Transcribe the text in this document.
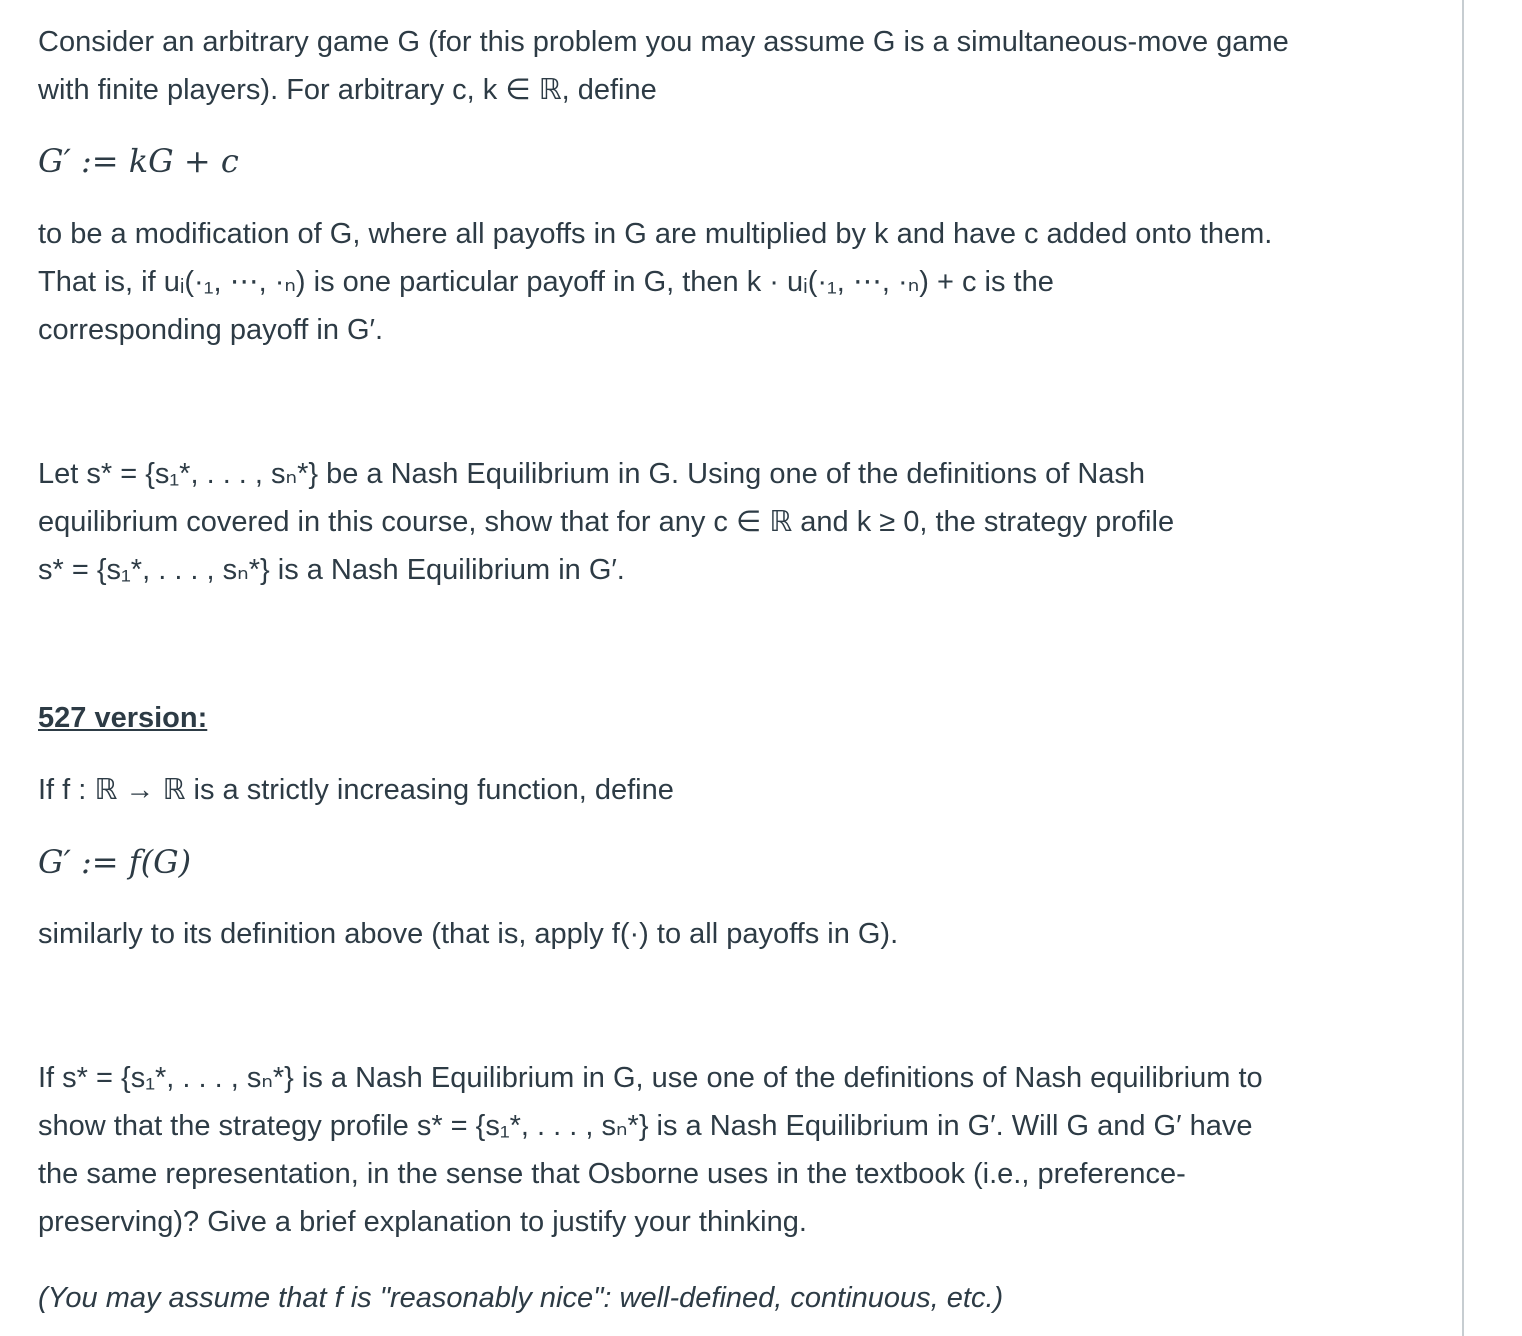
Consider an arbitrary game G (for this problem you may assume G is a simultaneous-move game
with finite players). For arbitrary c, k ∈ ℝ, define

G′ := kG + c

to be a modification of G, where all payoffs in G are multiplied by k and have c added onto them.
That is, if uᵢ(·₁, ⋯, ·ₙ) is one particular payoff in G, then k · uᵢ(·₁, ⋯, ·ₙ) + c is the
corresponding payoff in G′.

Let s* = {s₁*, . . . , sₙ*} be a Nash Equilibrium in G. Using one of the definitions of Nash
equilibrium covered in this course, show that for any c ∈ ℝ and k ≥ 0, the strategy profile
s* = {s₁*, . . . , sₙ*} is a Nash Equilibrium in G′.

527 version:

If f : ℝ → ℝ is a strictly increasing function, define

G′ := f(G)

similarly to its definition above (that is, apply f(·) to all payoffs in G).

If s* = {s₁*, . . . , sₙ*} is a Nash Equilibrium in G, use one of the definitions of Nash equilibrium to
show that the strategy profile s* = {s₁*, . . . , sₙ*} is a Nash Equilibrium in G′. Will G and G′ have
the same representation, in the sense that Osborne uses in the textbook (i.e., preference-
preserving)? Give a brief explanation to justify your thinking.

(You may assume that f is "reasonably nice": well-defined, continuous, etc.)
